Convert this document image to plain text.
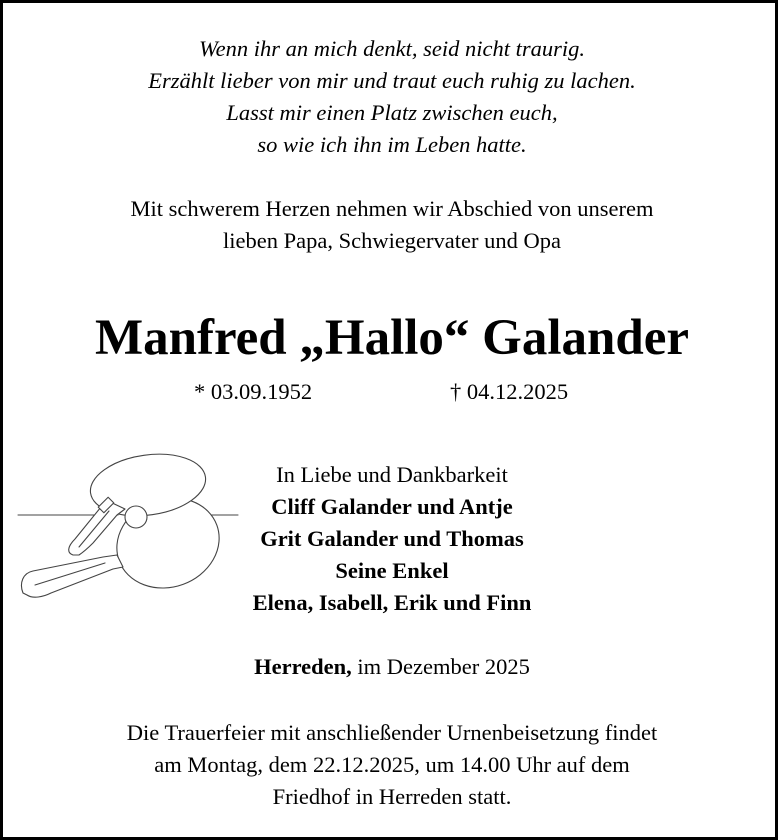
Wenn ihr an mich denkt, seid nicht traurig.
Erzählt lieber von mir und traut euch ruhig zu lachen.
Lasst mir einen Platz zwischen euch,
so wie ich ihn im Leben hatte.
Mit schwerem Herzen nehmen wir Abschied von unserem
lieben Papa, Schwiegervater und Opa
Manfred „Hallo“ Galander
* 03.09.1952	† 04.12.2025
In Liebe und Dankbarkeit
Cliff Galander und Antje
Grit Galander und Thomas
Seine Enkel
Elena, Isabell, Erik und Finn
Herreden, im Dezember 2025
Die Trauerfeier mit anschließender Urnenbeisetzung findet
am Montag, dem 22.12.2025, um 14.00 Uhr auf dem
Friedhof in Herreden statt.
